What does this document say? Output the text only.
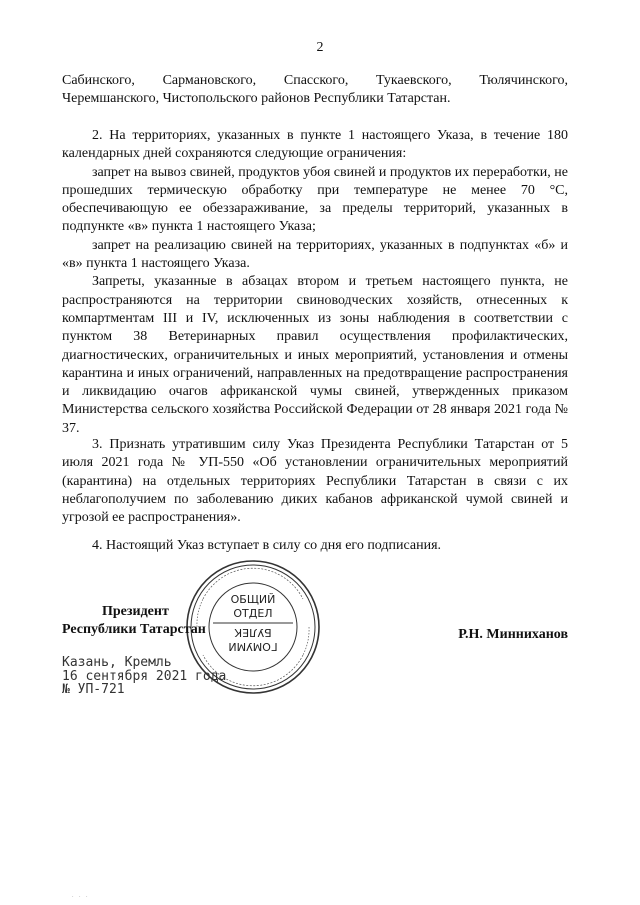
2

Сабинского, Сармановского, Спасского, Тукаевского, Тюлячинского, Черемшанского, Чистопольского районов Республики Татарстан.

2. На территориях, указанных в пункте 1 настоящего Указа, в течение 180 календарных дней сохраняются следующие ограничения:

запрет на вывоз свиней, продуктов убоя свиней и продуктов их переработки, не прошедших термическую обработку при температуре не менее 70 °С, обеспечивающую ее обеззараживание, за пределы территорий, указанных в подпункте «в» пункта 1 настоящего Указа;

запрет на реализацию свиней на территориях, указанных в подпунктах «б» и «в» пункта 1 настоящего Указа.

Запреты, указанные в абзацах втором и третьем настоящего пункта, не распространяются на территории свиноводческих хозяйств, отнесенных к компартментам III и IV, исключенных из зоны наблюдения в соответствии с пунктом 38 Ветеринарных правил осуществления профилактических, диагностических, ограничительных и иных мероприятий, установления и отмены карантина и иных ограничений, направленных на предотвращение распространения и ликвидацию очагов африканской чумы свиней, утвержденных приказом Министерства сельского хозяйства Российской Федерации от 28 января 2021 года № 37.

3. Признать утратившим силу Указ Президента Республики Татарстан от 5 июля 2021 года № УП-550 «Об установлении ограничительных мероприятий (карантина) на отдельных территориях Республики Татарстан в связи с их неблагополучием по заболеванию диких кабанов африканской чумой свиней и угрозой ее распространения».

4. Настоящий Указ вступает в силу со дня его подписания.

ОБЩИЙ
ОТДЕЛ
БУЛЕК
ГОМУМИ
Президент
Республики Татарстан	Р.Н. Минниханов
Казань, Кремль
16 сентября 2021 года
№ УП-721
. . .
